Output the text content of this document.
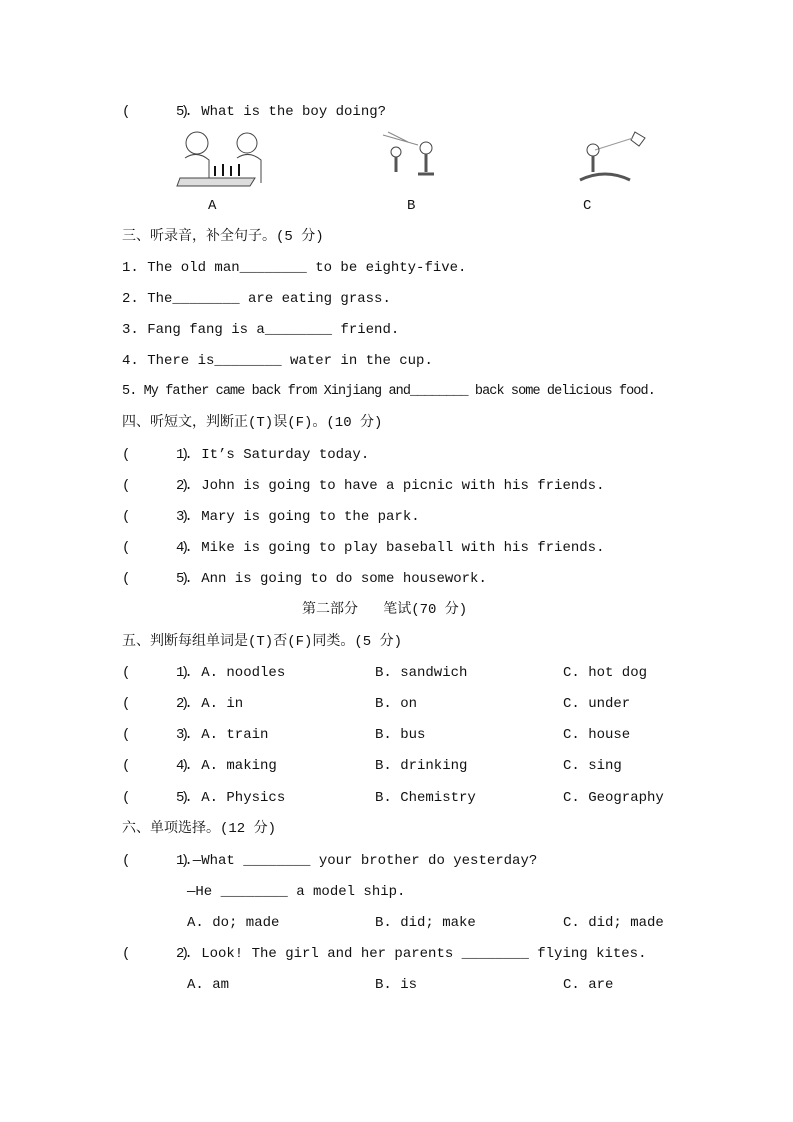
(      )
5. What is the boy doing?
A	B	C
三、听录音，补全句子。(5 分)
1. The old man________ to be eighty-five.
2. The________ are eating grass.
3. Fang fang is a________ friend.
4. There is________ water in the cup.
5. My father came back from Xinjiang and________ back some delicious food.
四、听短文，判断正(T)误(F)。(10 分)
(      )
1. It’s Saturday today.
(      )
2. John is going to have a picnic with his friends.
(      )
3. Mary is going to the park.
(      )
4. Mike is going to play baseball with his friends.
(      )
5. Ann is going to do some housework.
第二部分   笔试(70 分)
五、判断每组单词是(T)否(F)同类。(5 分)
(      )
1. A. noodles	B. sandwich	C. hot dog
(      )
2. A. in	B. on	C. under
(      )
3. A. train	B. bus	C. house
(      )
4. A. making	B. drinking	C. sing
(      )
5. A. Physics	B. Chemistry	C. Geography
六、单项选择。(12 分)
(      )
1.—What ________ your brother do yesterday?
—He ________ a model ship.
A. do; made	B. did; make	C. did; made
(      )
2. Look! The girl and her parents ________ flying kites.
A. am	B. is	C. are
